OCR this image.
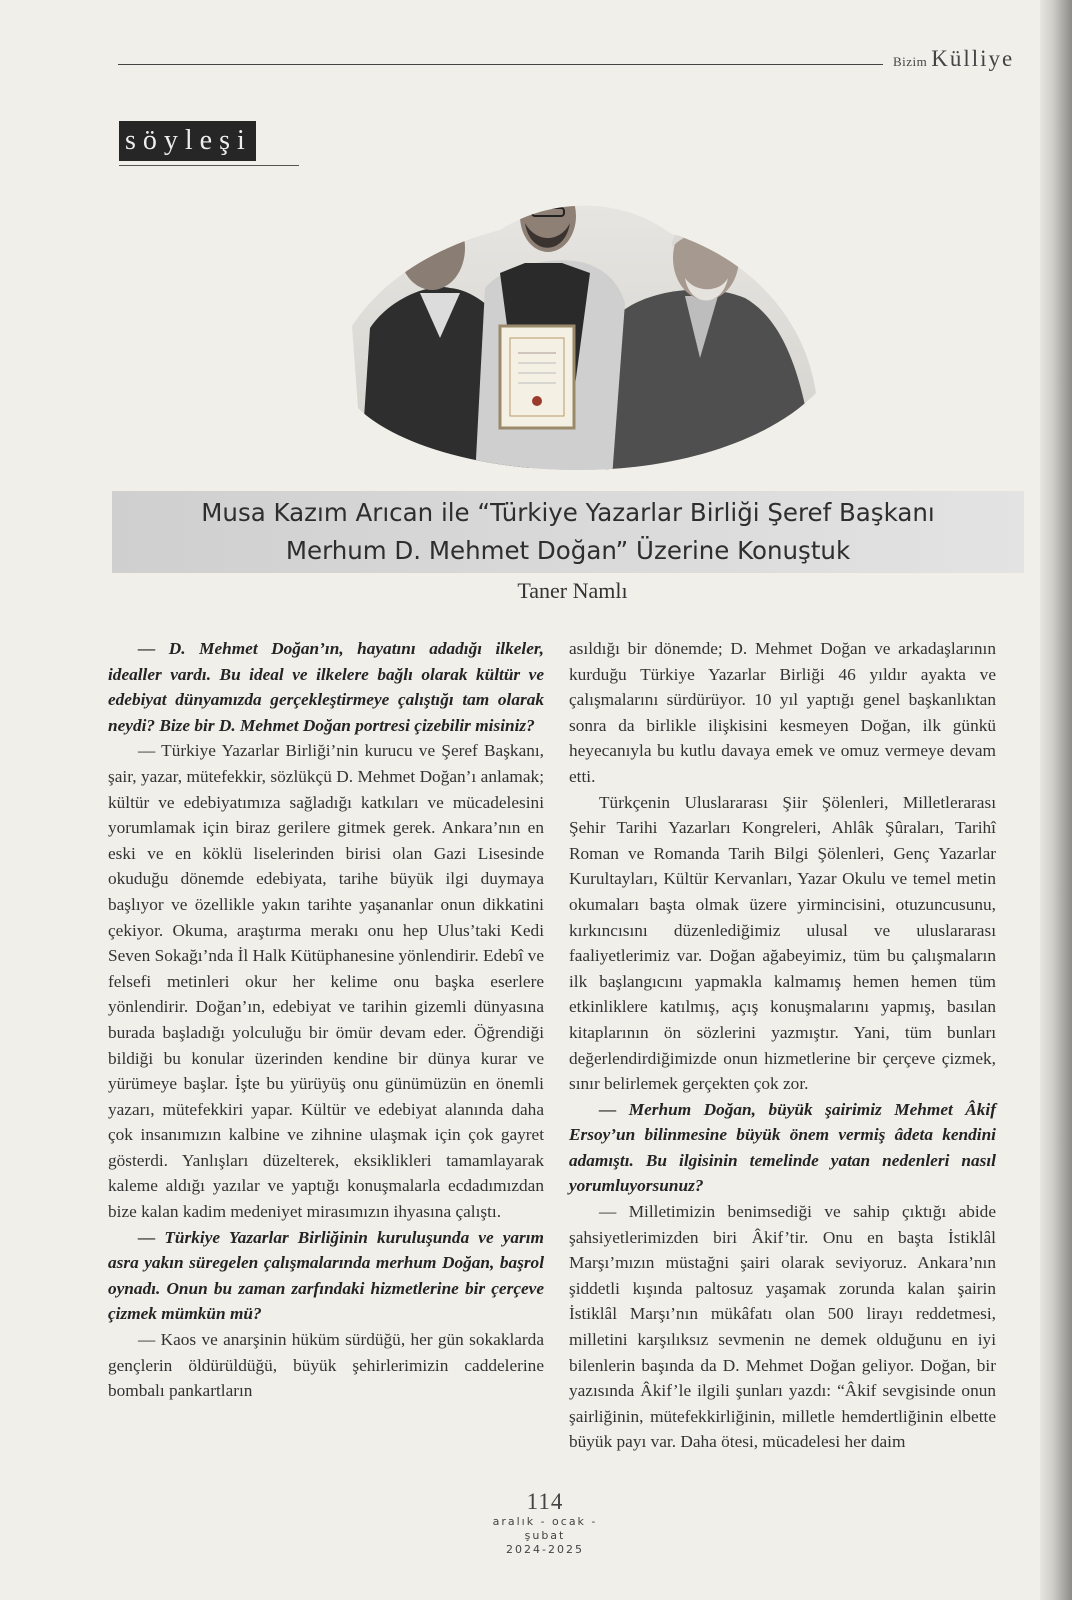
Bizim Külliye
söyleşi
Musa Kazım Arıcan ile “Türkiye Yazarlar Birliği Şeref Başkanı
Merhum D. Mehmet Doğan” Üzerine Konuştuk
Taner Namlı

— D. Mehmet Doğan’ın, hayatını adadığı ilkeler, idealler vardı. Bu ideal ve ilkelere bağlı olarak kültür ve edebiyat dünyamızda gerçekleştirmeye çalıştığı tam olarak neydi? Bize bir D. Mehmet Doğan portresi çizebilir misiniz?

— Türkiye Yazarlar Birliği’nin kurucu ve Şeref Başkanı, şair, yazar, mütefekkir, sözlükçü D. Mehmet Doğan’ı anlamak; kültür ve edebiyatımıza sağladığı katkıları ve mücadelesini yorumlamak için biraz gerilere gitmek gerek. Ankara’nın en eski ve en köklü liselerinden birisi olan Gazi Lisesinde okuduğu dönemde edebiyata, tarihe büyük ilgi duymaya başlıyor ve özellikle yakın tarihte yaşananlar onun dikkatini çekiyor. Okuma, araştırma merakı onu hep Ulus’taki Kedi Seven Sokağı’nda İl Halk Kütüphanesine yönlendirir. Edebî ve felsefi metinleri okur her kelime onu başka eserlere yönlendirir. Doğan’ın, edebiyat ve tarihin gizemli dünyasına burada başladığı yolculuğu bir ömür devam eder. Öğrendiği bildiği bu konular üzerinden kendine bir dünya kurar ve yürümeye başlar. İşte bu yürüyüş onu günümüzün en önemli yazarı, mütefekkiri yapar. Kültür ve edebiyat alanında daha çok insanımızın kalbine ve zihnine ulaşmak için çok gayret gösterdi. Yanlışları düzelterek, eksiklikleri tamamlayarak kaleme aldığı yazılar ve yaptığı konuşmalarla ecdadımızdan bize kalan kadim medeniyet mirasımızın ihyasına çalıştı.

— Türkiye Yazarlar Birliğinin kuruluşunda ve yarım asra yakın süregelen çalışmalarında merhum Doğan, başrol oynadı. Onun bu zaman zarfındaki hizmetlerine bir çerçeve çizmek mümkün mü?

— Kaos ve anarşinin hüküm sürdüğü, her gün sokaklarda gençlerin öldürüldüğü, büyük şehirlerimizin caddelerine bombalı pankartların

asıldığı bir dönemde; D. Mehmet Doğan ve arkadaşlarının kurduğu Türkiye Yazarlar Birliği 46 yıldır ayakta ve çalışmalarını sürdürüyor. 10 yıl yaptığı genel başkanlıktan sonra da birlikle ilişkisini kesmeyen Doğan, ilk günkü heyecanıyla bu kutlu davaya emek ve omuz vermeye devam etti.

Türkçenin Uluslararası Şiir Şölenleri, Milletlerarası Şehir Tarihi Yazarları Kongreleri, Ahlâk Şûraları, Tarihî Roman ve Romanda Tarih Bilgi Şölenleri, Genç Yazarlar Kurultayları, Kültür Kervanları, Yazar Okulu ve temel metin okumaları başta olmak üzere yirmincisini, otuzuncusunu, kırkıncısını düzenlediğimiz ulusal ve uluslararası faaliyetlerimiz var. Doğan ağabeyimiz, tüm bu çalışmaların ilk başlangıcını yapmakla kalmamış hemen hemen tüm etkinliklere katılmış, açış konuşmalarını yapmış, basılan kitaplarının ön sözlerini yazmıştır. Yani, tüm bunları değerlendirdiğimizde onun hizmetlerine bir çerçeve çizmek, sınır belirlemek gerçekten çok zor.

— Merhum Doğan, büyük şairimiz Mehmet Âkif Ersoy’un bilinmesine büyük önem vermiş âdeta kendini adamıştı. Bu ilgisinin temelinde yatan nedenleri nasıl yorumluyorsunuz?

— Milletimizin benimsediği ve sahip çıktığı abide şahsiyetlerimizden biri Âkif’tir. Onu en başta İstiklâl Marşı’mızın müstağni şairi olarak seviyoruz. Ankara’nın şiddetli kışında paltosuz yaşamak zorunda kalan şairin İstiklâl Marşı’nın mükâfatı olan 500 lirayı reddetmesi, milletini karşılıksız sevmenin ne demek olduğunu en iyi bilenlerin başında da D. Mehmet Doğan geliyor. Doğan, bir yazısında Âkif’le ilgili şunları yazdı: “Âkif sevgisinde onun şairliğinin, mütefekkirliğinin, milletle hemdertliğinin elbette büyük payı var. Daha ötesi, mücadelesi her daim

114
aralık - ocak - şubat
2024-2025
